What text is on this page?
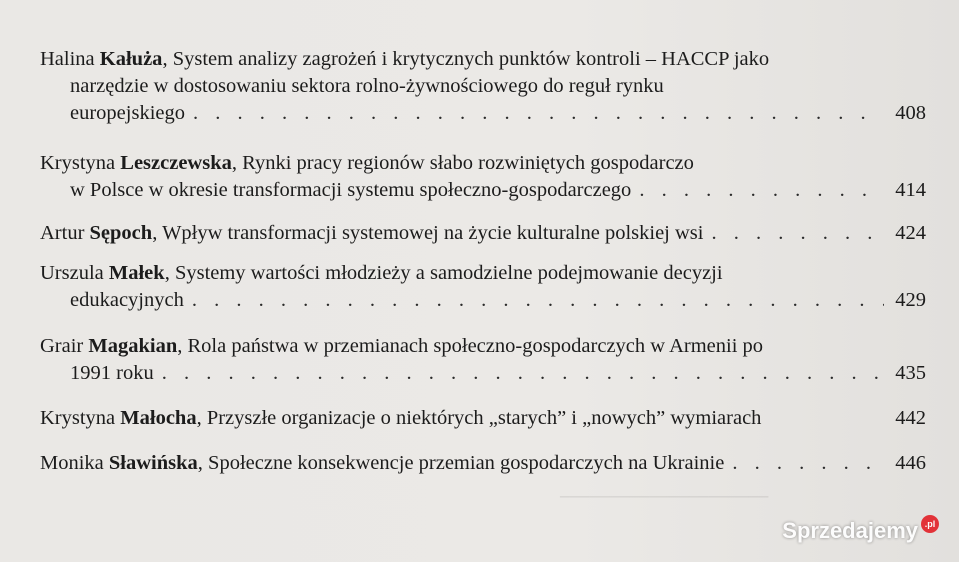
─────────────────────
Halina Kałuża , System analizy zagrożeń i krytycznych punktów kontroli – HACCP jako
narzędzie w dostosowaniu sektora rolno-żywnościowego do reguł rynku
europejskiego . . .	408
Krystyna
Leszczewska , Rynki pracy regionów słabo rozwiniętych gospodarczo
w Polsce w okresie transformacji systemu społeczno-gospodarczego . . .	414
Artur
Sępoch , Wpływ transformacji systemowej na życie kulturalne polskiej wsi . . .	424
Urszula
Małek , Systemy wartości młodzieży a samodzielne podejmowanie decyzji
edukacyjnych . . .	429
Grair
Magakian , Rola państwa w przemianach społeczno-gospodarczych w Armenii po
1991 roku . . .	435
Krystyna
Małocha , Przyszłe organizacje o niektórych „starych” i „nowych” wymiarach	442
Monika
Sławińska , Społeczne konsekwencje przemian gospodarczych na Ukrainie . . .	446
Sprzedajemy .pl
